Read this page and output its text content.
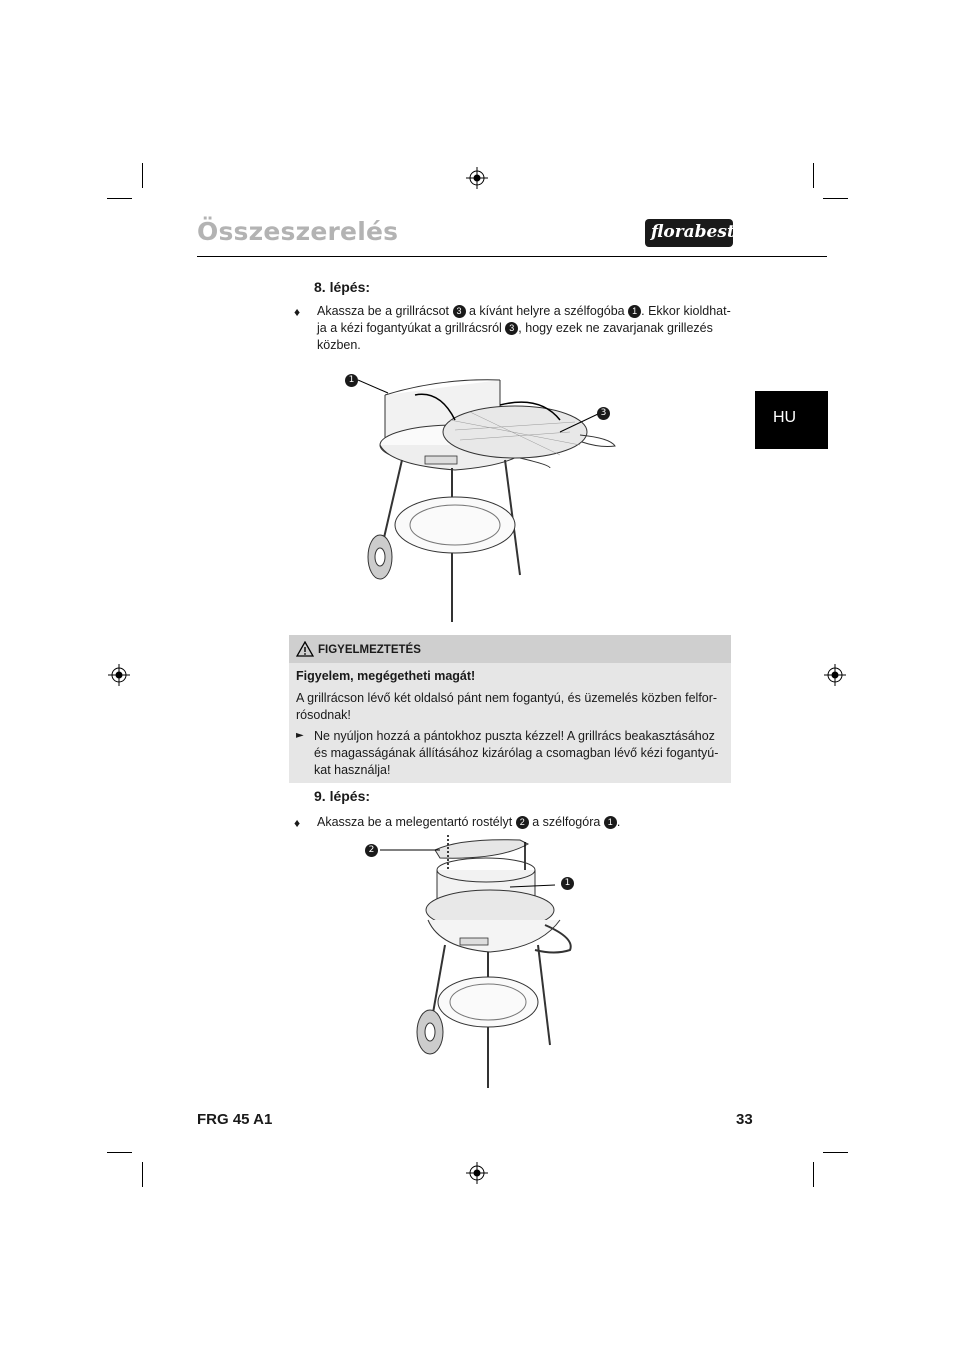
Összeszerelés	florabest
HU
8. lépés:
♦ Akassza be a grillrácsot 3 a kívánt helyre a szélfogóba 1 . Ekkor kioldhat-
ja a kézi fogantyúkat a grillrácsról 3 , hogy ezek ne zavarjanak grillezés
közben.
1
3
FIGYELMEZTETÉS
Figyelem, megégetheti magát!
A grillrácson lévő két oldalsó pánt nem fogantyú, és üzemelés közben felfor-
rósodnak!
► Ne nyúljon hozzá a pántokhoz puszta kézzel! A grillrács beakasztásához
és magasságának állításához kizárólag a csomagban lévő kézi fogantyú-
kat használja!
9. lépés:
♦ Akassza be a melegentartó rostélyt 2 a szélfogóra 1 .
2
1
FRG 45 A1	33
